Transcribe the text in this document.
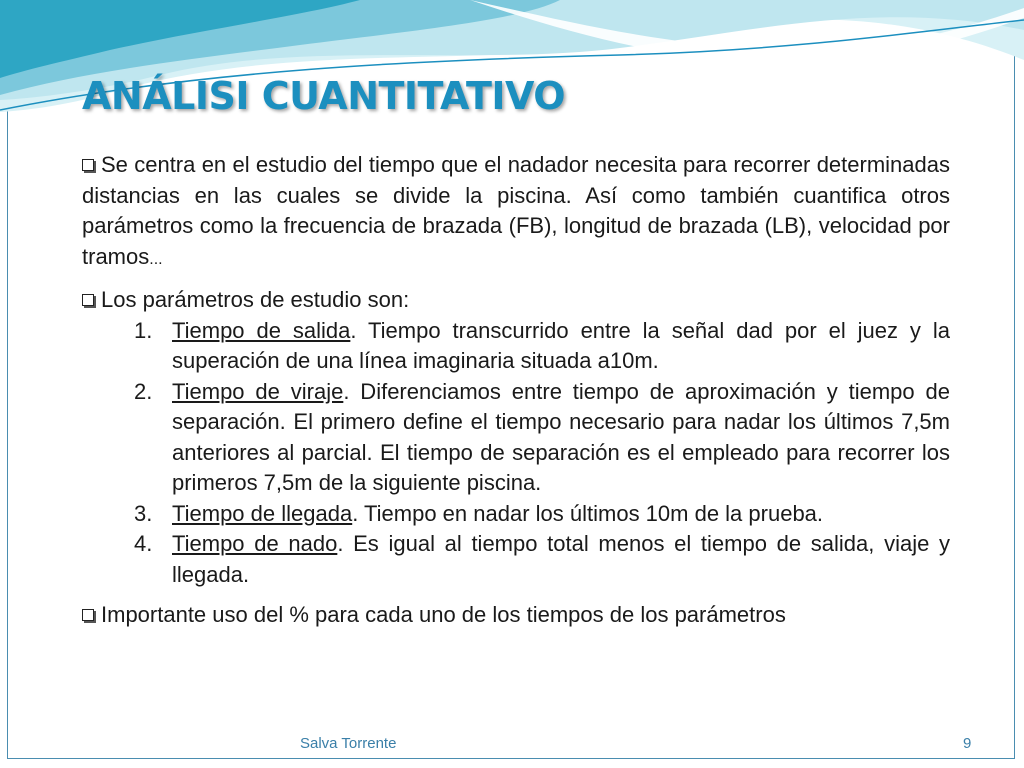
ANÁLISI CUANTITATIVO

Se centra en el estudio del tiempo que el nadador necesita para recorrer determinadas distancias en las cuales se divide la piscina. Así como también cuantifica otros parámetros como la frecuencia de brazada (FB), longitud de brazada (LB), velocidad por tramos...

Los parámetros de estudio son:

1. Tiempo de salida. Tiempo transcurrido entre la señal dad por el juez y la superación de una línea imaginaria situada a10m.
2. Tiempo de viraje. Diferenciamos entre tiempo de aproximación y tiempo de separación. El primero define el tiempo necesario para nadar los últimos 7,5m anteriores al parcial. El tiempo de separación es el empleado para recorrer los primeros 7,5m de la siguiente piscina.
3. Tiempo de llegada. Tiempo en nadar los últimos 10m de la prueba.
4. Tiempo de nado. Es igual al tiempo total menos el tiempo de salida, viaje y llegada.

Importante uso del % para cada uno de los tiempos de los parámetros

Salva Torrente	9
